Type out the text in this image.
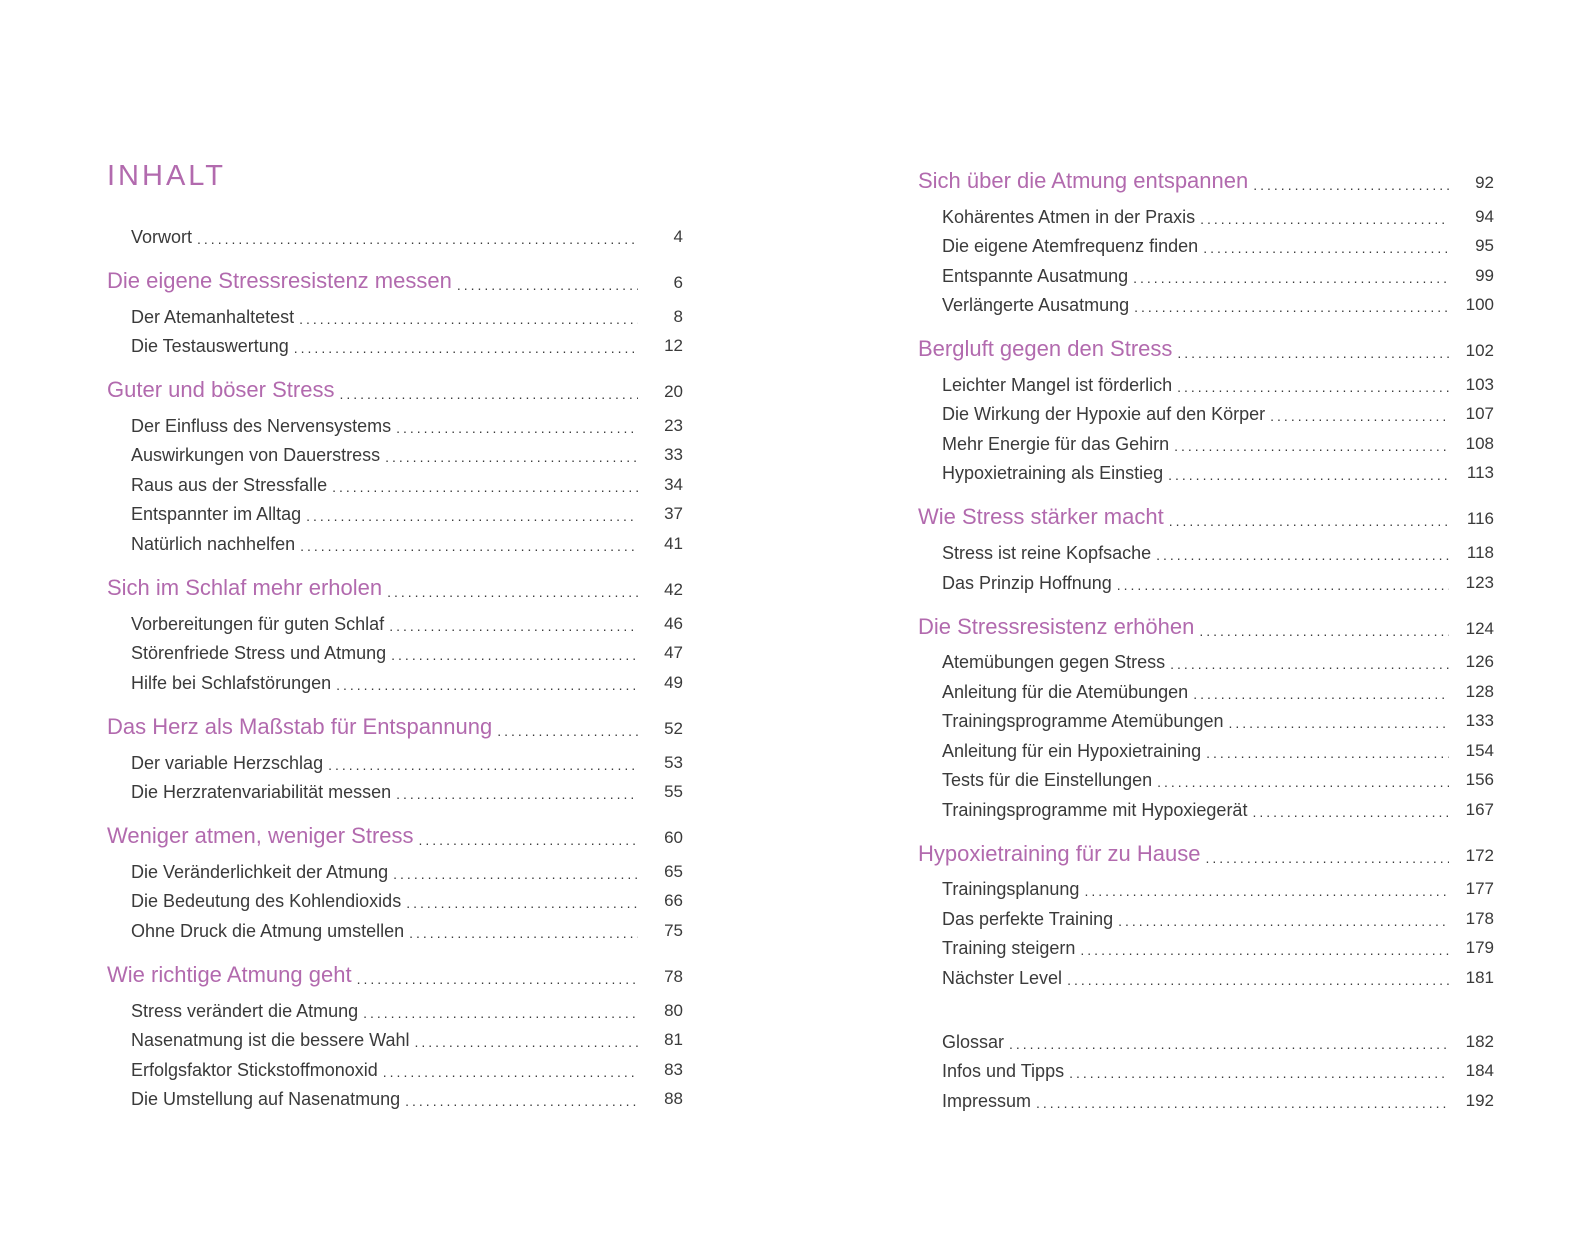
INHALT
Vorwort .....	4
Die eigene Stressresistenz messen .....	6
Der Atemanhaltetest .....	8
Die Testauswertung .....	12
Guter und böser Stress .....	20
Der Einfluss des Nervensystems .....	23
Auswirkungen von Dauerstress .....	33
Raus aus der Stressfalle .....	34
Entspannter im Alltag .....	37
Natürlich nachhelfen .....	41
Sich im Schlaf mehr erholen .....	42
Vorbereitungen für guten Schlaf .....	46
Störenfriede Stress und Atmung .....	47
Hilfe bei Schlafstörungen .....	49
Das Herz als Maßstab für Entspannung .....	52
Der variable Herzschlag .....	53
Die Herzratenvariabilität messen .....	55
Weniger atmen, weniger Stress .....	60
Die Veränderlichkeit der Atmung .....	65
Die Bedeutung des Kohlendioxids .....	66
Ohne Druck die Atmung umstellen .....	75
Wie richtige Atmung geht .....	78
Stress verändert die Atmung .....	80
Nasenatmung ist die bessere Wahl .....	81
Erfolgsfaktor Stickstoffmonoxid .....	83
Die Umstellung auf Nasenatmung .....	88
Sich über die Atmung entspannen .....	92
Kohärentes Atmen in der Praxis .....	94
Die eigene Atemfrequenz finden .....	95
Entspannte Ausatmung .....	99
Verlängerte Ausatmung .....	100
Bergluft gegen den Stress .....	102
Leichter Mangel ist förderlich .....	103
Die Wirkung der Hypoxie auf den Körper .....	107
Mehr Energie für das Gehirn .....	108
Hypoxietraining als Einstieg .....	113
Wie Stress stärker macht .....	116
Stress ist reine Kopfsache .....	118
Das Prinzip Hoffnung .....	123
Die Stressresistenz erhöhen .....	124
Atemübungen gegen Stress .....	126
Anleitung für die Atemübungen .....	128
Trainingsprogramme Atemübungen .....	133
Anleitung für ein Hypoxietraining .....	154
Tests für die Einstellungen .....	156
Trainingsprogramme mit Hypoxiegerät .....	167
Hypoxietraining für zu Hause .....	172
Trainingsplanung .....	177
Das perfekte Training .....	178
Training steigern .....	179
Nächster Level .....	181
Glossar .....	182
Infos und Tipps .....	184
Impressum .....	192
